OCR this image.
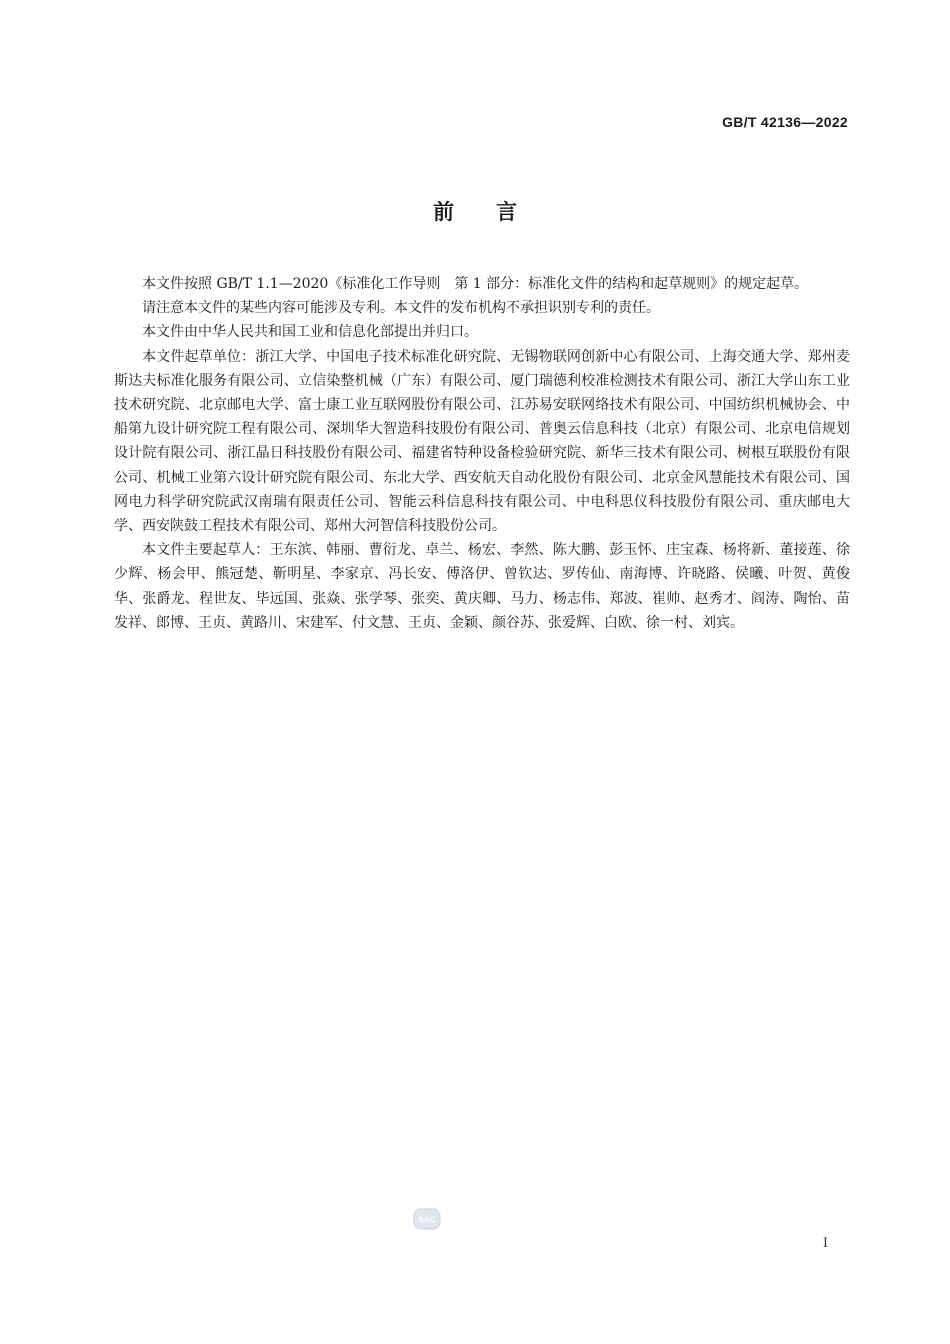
GB/T 42136—2022
前言

本文件按照 GB/T 1.1—2020《标准化工作导则　第 1 部分：标准化文件的结构和起草规则》的规定起草。

请注意本文件的某些内容可能涉及专利。本文件的发布机构不承担识别专利的责任。

本文件由中华人民共和国工业和信息化部提出并归口。

本文件起草单位：浙江大学、中国电子技术标准化研究院、无锡物联网创新中心有限公司、上海交通大学、郑州麦斯达夫标准化服务有限公司、立信染整机械（广东）有限公司、厦门瑞德利校准检测技术有限公司、浙江大学山东工业技术研究院、北京邮电大学、富士康工业互联网股份有限公司、江苏易安联网络技术有限公司、中国纺织机械协会、中船第九设计研究院工程有限公司、深圳华大智造科技股份有限公司、普奥云信息科技（北京）有限公司、北京电信规划设计院有限公司、浙江晶日科技股份有限公司、福建省特种设备检验研究院、新华三技术有限公司、树根互联股份有限公司、机械工业第六设计研究院有限公司、东北大学、西安航天自动化股份有限公司、北京金风慧能技术有限公司、国网电力科学研究院武汉南瑞有限责任公司、智能云科信息科技有限公司、中电科思仪科技股份有限公司、重庆邮电大学、西安陕鼓工程技术有限公司、郑州大河智信科技股份公司。

本文件主要起草人：王东滨、韩丽、曹衍龙、卓兰、杨宏、李然、陈大鹏、彭玉怀、庄宝森、杨将新、董接莲、徐少辉、杨会甲、熊冠楚、靳明星、李家京、冯长安、傅洛伊、曾钦达、罗传仙、南海博、许晓路、侯曦、叶贺、黄俊华、张爵龙、程世友、毕远国、张焱、张学琴、张奕、黄庆卿、马力、杨志伟、郑波、崔帅、赵秀才、阎涛、陶怡、苗发祥、郎博、王贞、黄路川、宋建军、付文慧、王贞、金颖、颜谷苏、张爱辉、白欧、徐一村、刘宾。

SAC
I
